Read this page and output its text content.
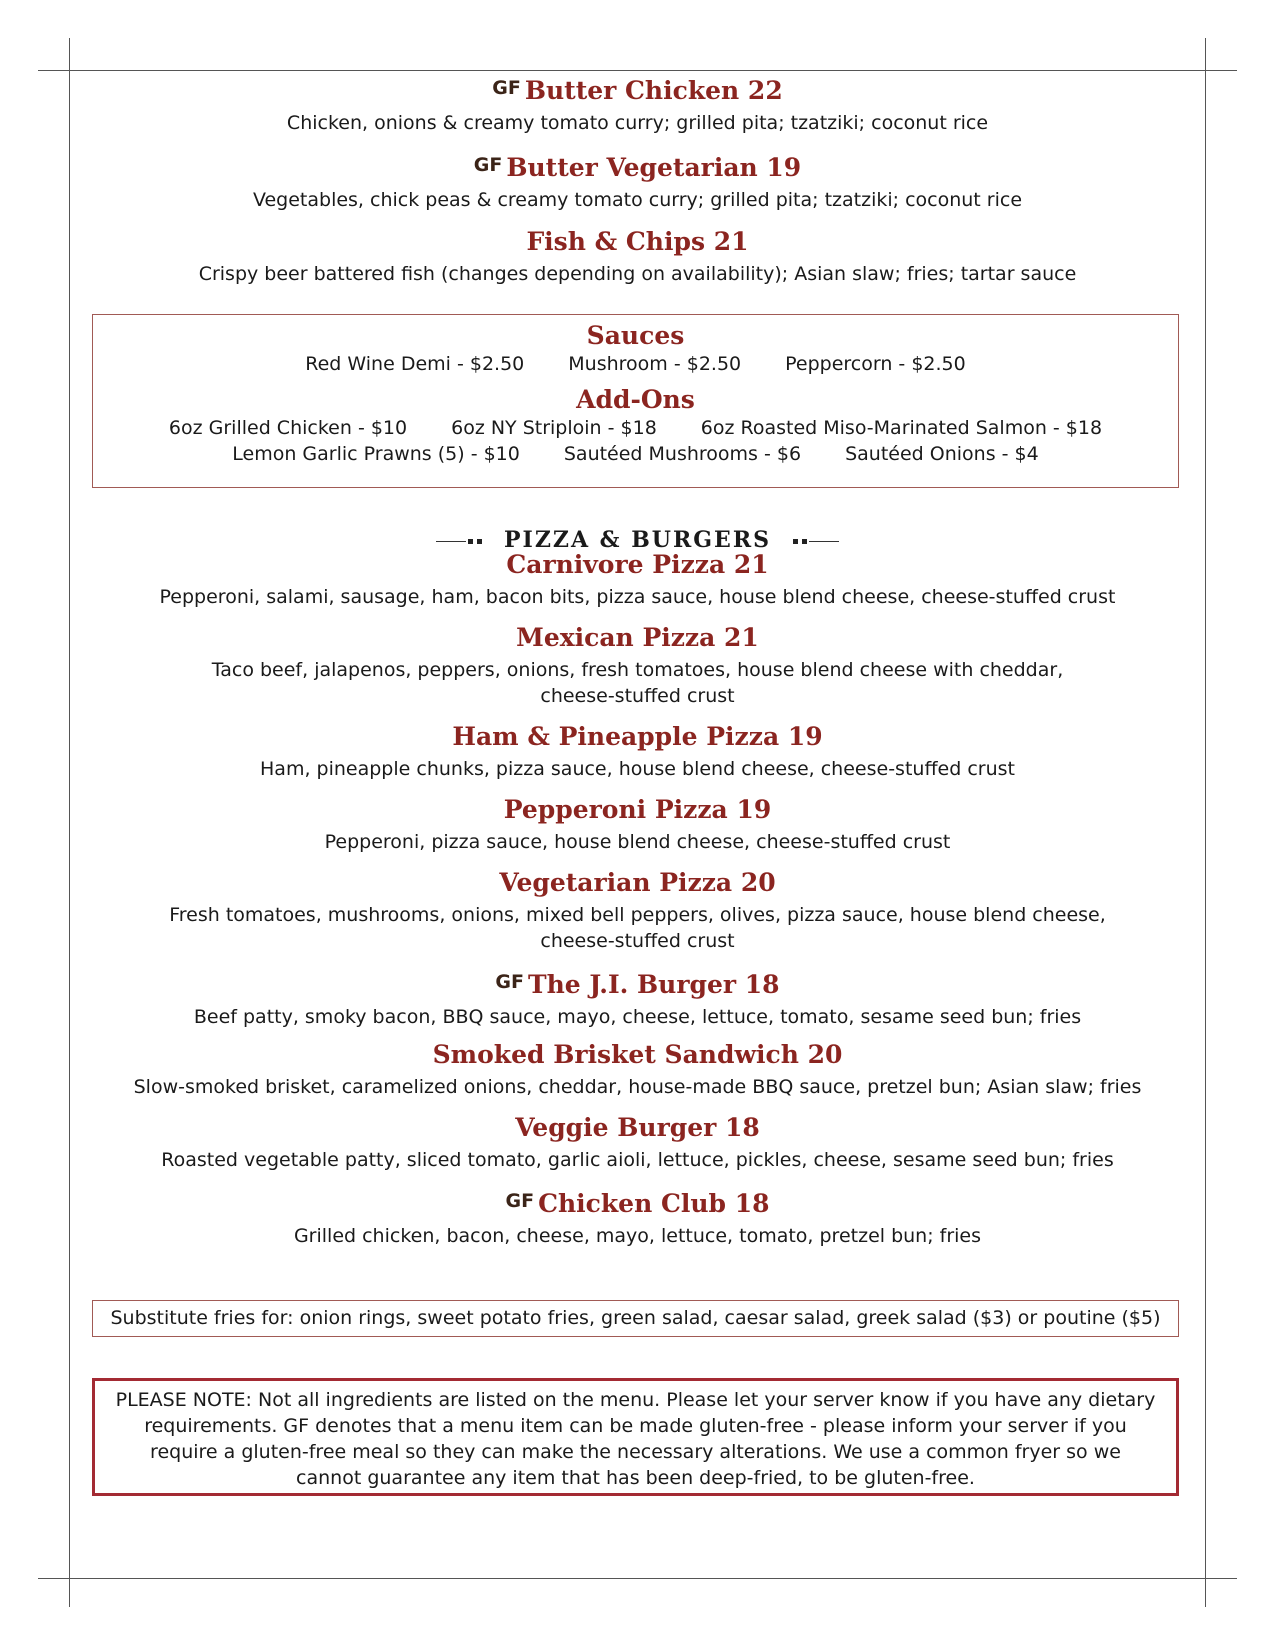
$^{GF}$ Butter Chicken 22

Chicken, onions & creamy tomato curry; grilled pita; tzatziki; coconut rice

$^{GF}$ Butter Vegetarian 19

Vegetables, chick peas & creamy tomato curry; grilled pita; tzatziki; coconut rice

Fish & Chips 21

Crispy beer battered fish (changes depending on availability); Asian slaw; fries; tartar sauce

Sauces
Red Wine Demi - $2.50 Mushroom - $2.50 Peppercorn - $2.50
Add-Ons
6oz Grilled Chicken - $10 6oz NY Striploin - $18 6oz Roasted Miso-Marinated Salmon - $18
Lemon Garlic Prawns (5) - $10 Sautéed Mushrooms - $6 Sautéed Onions - $4
PIZZA & BURGERS

Carnivore Pizza 21

Pepperoni, salami, sausage, ham, bacon bits, pizza sauce, house blend cheese, cheese-stuffed crust

Mexican Pizza 21

Taco beef, jalapenos, peppers, onions, fresh tomatoes, house blend cheese with cheddar,
cheese-stuffed crust

Ham & Pineapple Pizza 19

Ham, pineapple chunks, pizza sauce, house blend cheese, cheese-stuffed crust

Pepperoni Pizza 19

Pepperoni, pizza sauce, house blend cheese, cheese-stuffed crust

Vegetarian Pizza 20

Fresh tomatoes, mushrooms, onions, mixed bell peppers, olives, pizza sauce, house blend cheese,
cheese-stuffed crust

$^{GF}$ The J.I. Burger 18

Beef patty, smoky bacon, BBQ sauce, mayo, cheese, lettuce, tomato, sesame seed bun; fries

Smoked Brisket Sandwich 20

Slow-smoked brisket, caramelized onions, cheddar, house-made BBQ sauce, pretzel bun; Asian slaw; fries

Veggie Burger 18

Roasted vegetable patty, sliced tomato, garlic aioli, lettuce, pickles, cheese, sesame seed bun; fries

$^{GF}$ Chicken Club 18

Grilled chicken, bacon, cheese, mayo, lettuce, tomato, pretzel bun; fries

Substitute fries for: onion rings, sweet potato fries, green salad, caesar salad, greek salad ($3) or poutine ($5)
PLEASE NOTE: Not all ingredients are listed on the menu. Please let your server know if you have any dietary requirements. GF denotes that a menu item can be made gluten-free - please inform your server if you require a gluten-free meal so they can make the necessary alterations. We use a common fryer so we cannot guarantee any item that has been deep-fried, to be gluten-free.
